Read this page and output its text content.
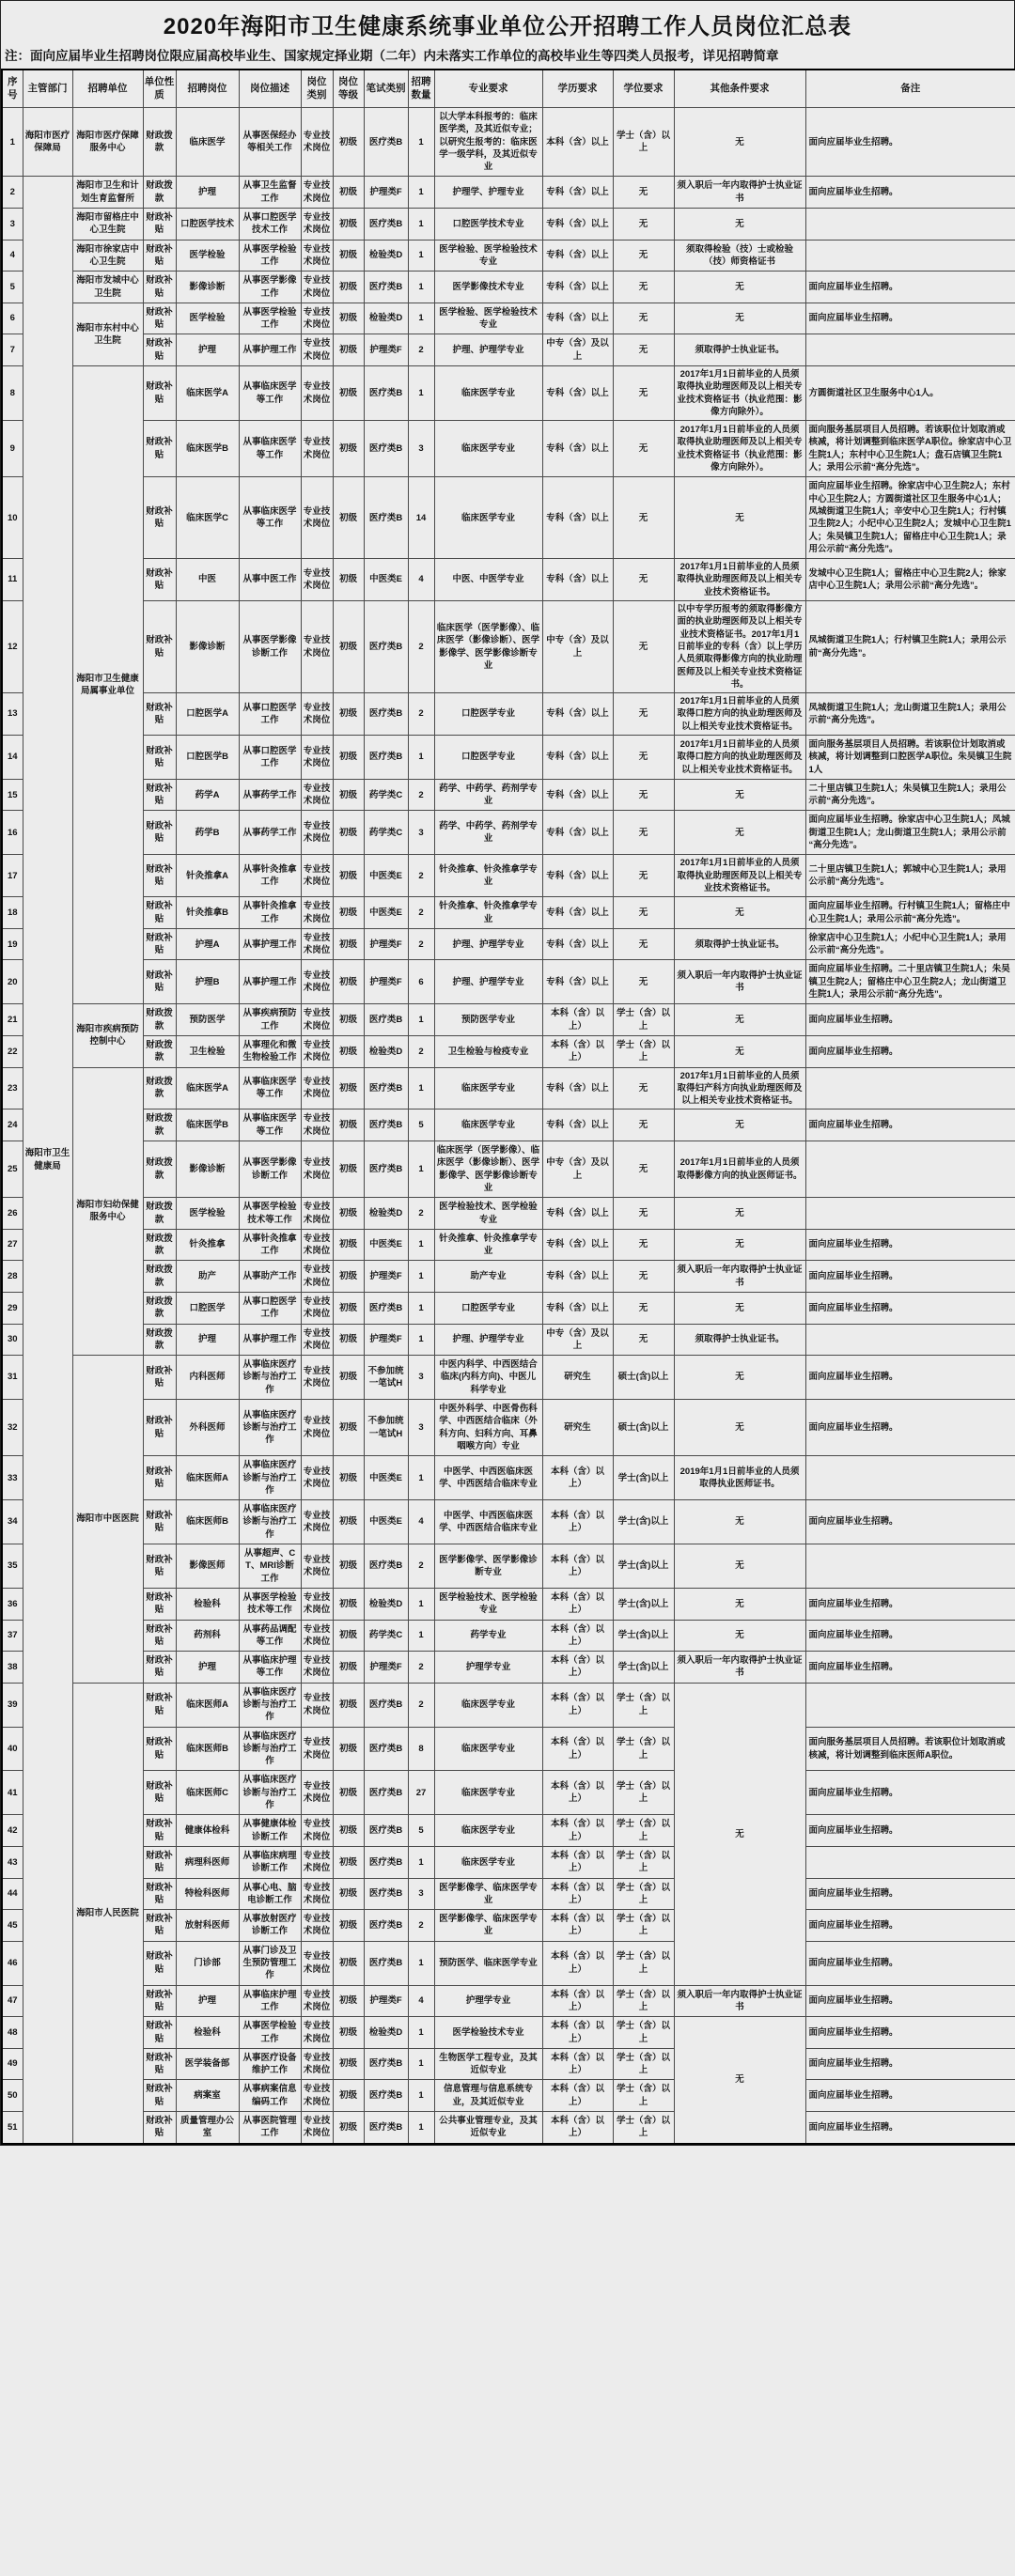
2020年海阳市卫生健康系统事业单位公开招聘工作人员岗位汇总表
注：面向应届毕业生招聘岗位限应届高校毕业生、国家规定择业期（二年）内未落实工作单位的高校毕业生等四类人员报考，详见招聘简章
序号	主管部门	招聘单位	单位性质	招聘岗位	岗位描述	岗位类别	岗位等级	笔试类别	招聘数量	专业要求	学历要求	学位要求	其他条件要求	备注
1	海阳市医疗保障局	海阳市医疗保障服务中心	财政拨款	临床医学	从事医保经办等相关工作	专业技术岗位	初级	医疗类B	1	以大学本科报考的：临床医学类，及其近似专业；以研究生报考的：临床医学一级学科，及其近似专业	本科（含）以上	学士（含）以上	无	面向应届毕业生招聘。
2	海阳市卫生健康局	海阳市卫生和计划生育监督所	财政拨款	护理	从事卫生监督工作	专业技术岗位	初级	护理类F	1	护理学、护理专业	专科（含）以上	无	须入职后一年内取得护士执业证书	面向应届毕业生招聘。
3		海阳市留格庄中心卫生院	财政补贴	口腔医学技术	从事口腔医学技术工作	专业技术岗位	初级	医疗类B	1	口腔医学技术专业	专科（含）以上	无	无	
4		海阳市徐家店中心卫生院	财政补贴	医学检验	从事医学检验工作	专业技术岗位	初级	检验类D	1	医学检验、医学检验技术专业	专科（含）以上	无	须取得检验（技）士或检验（技）师资格证书	
5		海阳市发城中心卫生院	财政补贴	影像诊断	从事医学影像工作	专业技术岗位	初级	医疗类B	1	医学影像技术专业	专科（含）以上	无	无	面向应届毕业生招聘。
6		海阳市东村中心卫生院	财政补贴	医学检验	从事医学检验工作	专业技术岗位	初级	检验类D	1	医学检验、医学检验技术专业	专科（含）以上	无	无	面向应届毕业生招聘。
7			财政补贴	护理	从事护理工作	专业技术岗位	初级	护理类F	2	护理、护理学专业	中专（含）及以上	无	须取得护士执业证书。	
8		海阳市卫生健康局属事业单位	财政补贴	临床医学A	从事临床医学等工作	专业技术岗位	初级	医疗类B	1	临床医学专业	专科（含）以上	无	2017年1月1日前毕业的人员须取得执业助理医师及以上相关专业技术资格证书（执业范围：影像方向除外）。	方圆街道社区卫生服务中心1人。
9			财政补贴	临床医学B	从事临床医学等工作	专业技术岗位	初级	医疗类B	3	临床医学专业	专科（含）以上	无	2017年1月1日前毕业的人员须取得执业助理医师及以上相关专业技术资格证书（执业范围：影像方向除外）。	面向服务基层项目人员招聘。若该职位计划取消或核减，将计划调整到临床医学A职位。徐家店中心卫生院1人；东村中心卫生院1人；盘石店镇卫生院1人；录用公示前“高分先选”。
10			财政补贴	临床医学C	从事临床医学等工作	专业技术岗位	初级	医疗类B	14	临床医学专业	专科（含）以上	无	无	面向应届毕业生招聘。徐家店中心卫生院2人；东村中心卫生院2人；方圆街道社区卫生服务中心1人；凤城街道卫生院1人；辛安中心卫生院1人；行村镇卫生院2人；小纪中心卫生院2人；发城中心卫生院1人；朱吴镇卫生院1人；留格庄中心卫生院1人；录用公示前“高分先选”。
11			财政补贴	中医	从事中医工作	专业技术岗位	初级	中医类E	4	中医、中医学专业	专科（含）以上	无	2017年1月1日前毕业的人员须取得执业助理医师及以上相关专业技术资格证书。	发城中心卫生院1人；留格庄中心卫生院2人；徐家店中心卫生院1人；录用公示前“高分先选”。
12			财政补贴	影像诊断	从事医学影像诊断工作	专业技术岗位	初级	医疗类B	2	临床医学（医学影像）、临床医学（影像诊断）、医学影像学、医学影像诊断专业	中专（含）及以上	无	以中专学历报考的须取得影像方面的执业助理医师及以上相关专业技术资格证书。2017年1月1日前毕业的专科（含）以上学历人员须取得影像方向的执业助理医师及以上相关专业技术资格证书。	凤城街道卫生院1人；行村镇卫生院1人；录用公示前“高分先选”。
13			财政补贴	口腔医学A	从事口腔医学工作	专业技术岗位	初级	医疗类B	2	口腔医学专业	专科（含）以上	无	2017年1月1日前毕业的人员须取得口腔方向的执业助理医师及以上相关专业技术资格证书。	凤城街道卫生院1人；龙山街道卫生院1人；录用公示前“高分先选”。
14			财政补贴	口腔医学B	从事口腔医学工作	专业技术岗位	初级	医疗类B	1	口腔医学专业	专科（含）以上	无	2017年1月1日前毕业的人员须取得口腔方向的执业助理医师及以上相关专业技术资格证书。	面向服务基层项目人员招聘。若该职位计划取消或核减，将计划调整到口腔医学A职位。朱吴镇卫生院1人
15			财政补贴	药学A	从事药学工作	专业技术岗位	初级	药学类C	2	药学、中药学、药剂学专业	专科（含）以上	无	无	二十里店镇卫生院1人；朱吴镇卫生院1人；录用公示前“高分先选”。
16			财政补贴	药学B	从事药学工作	专业技术岗位	初级	药学类C	3	药学、中药学、药剂学专业	专科（含）以上	无	无	面向应届毕业生招聘。徐家店中心卫生院1人；凤城街道卫生院1人；龙山街道卫生院1人；录用公示前“高分先选”。
17			财政补贴	针灸推拿A	从事针灸推拿工作	专业技术岗位	初级	中医类E	2	针灸推拿、针灸推拿学专业	专科（含）以上	无	2017年1月1日前毕业的人员须取得执业助理医师及以上相关专业技术资格证书。	二十里店镇卫生院1人；郭城中心卫生院1人；录用公示前“高分先选”。
18			财政补贴	针灸推拿B	从事针灸推拿工作	专业技术岗位	初级	中医类E	2	针灸推拿、针灸推拿学专业	专科（含）以上	无	无	面向应届毕业生招聘。行村镇卫生院1人；留格庄中心卫生院1人；录用公示前“高分先选”。
19			财政补贴	护理A	从事护理工作	专业技术岗位	初级	护理类F	2	护理、护理学专业	专科（含）以上	无	须取得护士执业证书。	徐家店中心卫生院1人；小纪中心卫生院1人；录用公示前“高分先选”。
20			财政补贴	护理B	从事护理工作	专业技术岗位	初级	护理类F	6	护理、护理学专业	专科（含）以上	无	须入职后一年内取得护士执业证书	面向应届毕业生招聘。二十里店镇卫生院1人；朱吴镇卫生院2人；留格庄中心卫生院2人；龙山街道卫生院1人；录用公示前“高分先选”。
21		海阳市疾病预防控制中心	财政拨款	预防医学	从事疾病预防工作	专业技术岗位	初级	医疗类B	1	预防医学专业	本科（含）以上）	学士（含）以上	无	面向应届毕业生招聘。
22			财政拨款	卫生检验	从事理化和微生物检验工作	专业技术岗位	初级	检验类D	2	卫生检验与检疫专业	本科（含）以上）	学士（含）以上	无	面向应届毕业生招聘。
23		海阳市妇幼保健服务中心	财政拨款	临床医学A	从事临床医学等工作	专业技术岗位	初级	医疗类B	1	临床医学专业	专科（含）以上	无	2017年1月1日前毕业的人员须取得妇产科方向执业助理医师及以上相关专业技术资格证书。	
24			财政拨款	临床医学B	从事临床医学等工作	专业技术岗位	初级	医疗类B	5	临床医学专业	专科（含）以上	无	无	面向应届毕业生招聘。
25			财政拨款	影像诊断	从事医学影像诊断工作	专业技术岗位	初级	医疗类B	1	临床医学（医学影像）、临床医学（影像诊断）、医学影像学、医学影像诊断专业	中专（含）及以上	无	2017年1月1日前毕业的人员须取得影像方向的执业医师证书。	
26			财政拨款	医学检验	从事医学检验技术等工作	专业技术岗位	初级	检验类D	2	医学检验技术、医学检验专业	专科（含）以上	无	无	
27			财政拨款	针灸推拿	从事针灸推拿工作	专业技术岗位	初级	中医类E	1	针灸推拿、针灸推拿学专业	专科（含）以上	无	无	面向应届毕业生招聘。
28			财政拨款	助产	从事助产工作	专业技术岗位	初级	护理类F	1	助产专业	专科（含）以上	无	须入职后一年内取得护士执业证书	面向应届毕业生招聘。
29			财政拨款	口腔医学	从事口腔医学工作	专业技术岗位	初级	医疗类B	1	口腔医学专业	专科（含）以上	无	无	面向应届毕业生招聘。
30			财政拨款	护理	从事护理工作	专业技术岗位	初级	护理类F	1	护理、护理学专业	中专（含）及以上	无	须取得护士执业证书。	
31		海阳市中医医院	财政补贴	内科医师	从事临床医疗诊断与治疗工作	专业技术岗位	初级	不参加统一笔试H	3	中医内科学、中西医结合临床(内科方向)、中医儿科学专业	研究生	硕士(含)以上	无	面向应届毕业生招聘。
32			财政补贴	外科医师	从事临床医疗诊断与治疗工作	专业技术岗位	初级	不参加统一笔试H	3	中医外科学、中医骨伤科学、中西医结合临床（外科方向、妇科方向、耳鼻咽喉方向）专业	研究生	硕士(含)以上	无	面向应届毕业生招聘。
33			财政补贴	临床医师A	从事临床医疗诊断与治疗工作	专业技术岗位	初级	中医类E	1	中医学、中西医临床医学、中西医结合临床专业	本科（含）以上）	学士(含)以上	2019年1月1日前毕业的人员须取得执业医师证书。	
34			财政补贴	临床医师B	从事临床医疗诊断与治疗工作	专业技术岗位	初级	中医类E	4	中医学、中西医临床医学、中西医结合临床专业	本科（含）以上）	学士(含)以上	无	面向应届毕业生招聘。
35			财政补贴	影像医师	从事超声、CT、MRI诊断工作	专业技术岗位	初级	医疗类B	2	医学影像学、医学影像诊断专业	本科（含）以上）	学士(含)以上	无	
36			财政补贴	检验科	从事医学检验技术等工作	专业技术岗位	初级	检验类D	1	医学检验技术、医学检验专业	本科（含）以上）	学士(含)以上	无	面向应届毕业生招聘。
37			财政补贴	药剂科	从事药品调配等工作	专业技术岗位	初级	药学类C	1	药学专业	本科（含）以上）	学士(含)以上	无	面向应届毕业生招聘。
38			财政补贴	护理	从事临床护理等工作	专业技术岗位	初级	护理类F	2	护理学专业	本科（含）以上）	学士(含)以上	须入职后一年内取得护士执业证书	面向应届毕业生招聘。
39		海阳市人民医院	财政补贴	临床医师A	从事临床医疗诊断与治疗工作	专业技术岗位	初级	医疗类B	2	临床医学专业	本科（含）以上）	学士（含）以上	无	
40			财政补贴	临床医师B	从事临床医疗诊断与治疗工作	专业技术岗位	初级	医疗类B	8	临床医学专业	本科（含）以上）	学士（含）以上		面向服务基层项目人员招聘。若该职位计划取消或核减，将计划调整到临床医师A职位。
41			财政补贴	临床医师C	从事临床医疗诊断与治疗工作	专业技术岗位	初级	医疗类B	27	临床医学专业	本科（含）以上）	学士（含）以上		面向应届毕业生招聘。
42			财政补贴	健康体检科	从事健康体检诊断工作	专业技术岗位	初级	医疗类B	5	临床医学专业	本科（含）以上）	学士（含）以上		面向应届毕业生招聘。
43			财政补贴	病理科医师	从事临床病理诊断工作	专业技术岗位	初级	医疗类B	1	临床医学专业	本科（含）以上）	学士（含）以上		
44			财政补贴	特检科医师	从事心电、脑电诊断工作	专业技术岗位	初级	医疗类B	3	医学影像学、临床医学专业	本科（含）以上）	学士（含）以上		面向应届毕业生招聘。
45			财政补贴	放射科医师	从事放射医疗诊断工作	专业技术岗位	初级	医疗类B	2	医学影像学、临床医学专业	本科（含）以上）	学士（含）以上		面向应届毕业生招聘。
46			财政补贴	门诊部	从事门诊及卫生预防管理工作	专业技术岗位	初级	医疗类B	1	预防医学、临床医学专业	本科（含）以上）	学士（含）以上		面向应届毕业生招聘。
47			财政补贴	护理	从事临床护理工作	专业技术岗位	初级	护理类F	4	护理学专业	本科（含）以上）	学士（含）以上	须入职后一年内取得护士执业证书	面向应届毕业生招聘。
48			财政补贴	检验科	从事医学检验工作	专业技术岗位	初级	检验类D	1	医学检验技术专业	本科（含）以上）	学士（含）以上	无	面向应届毕业生招聘。
49			财政补贴	医学装备部	从事医疗设备维护工作	专业技术岗位	初级	医疗类B	1	生物医学工程专业，及其近似专业	本科（含）以上）	学士（含）以上		面向应届毕业生招聘。
50			财政补贴	病案室	从事病案信息编码工作	专业技术岗位	初级	医疗类B	1	信息管理与信息系统专业，及其近似专业	本科（含）以上）	学士（含）以上		面向应届毕业生招聘。
51			财政补贴	质量管理办公室	从事医院管理工作	专业技术岗位	初级	医疗类B	1	公共事业管理专业，及其近似专业	本科（含）以上）	学士（含）以上		面向应届毕业生招聘。
